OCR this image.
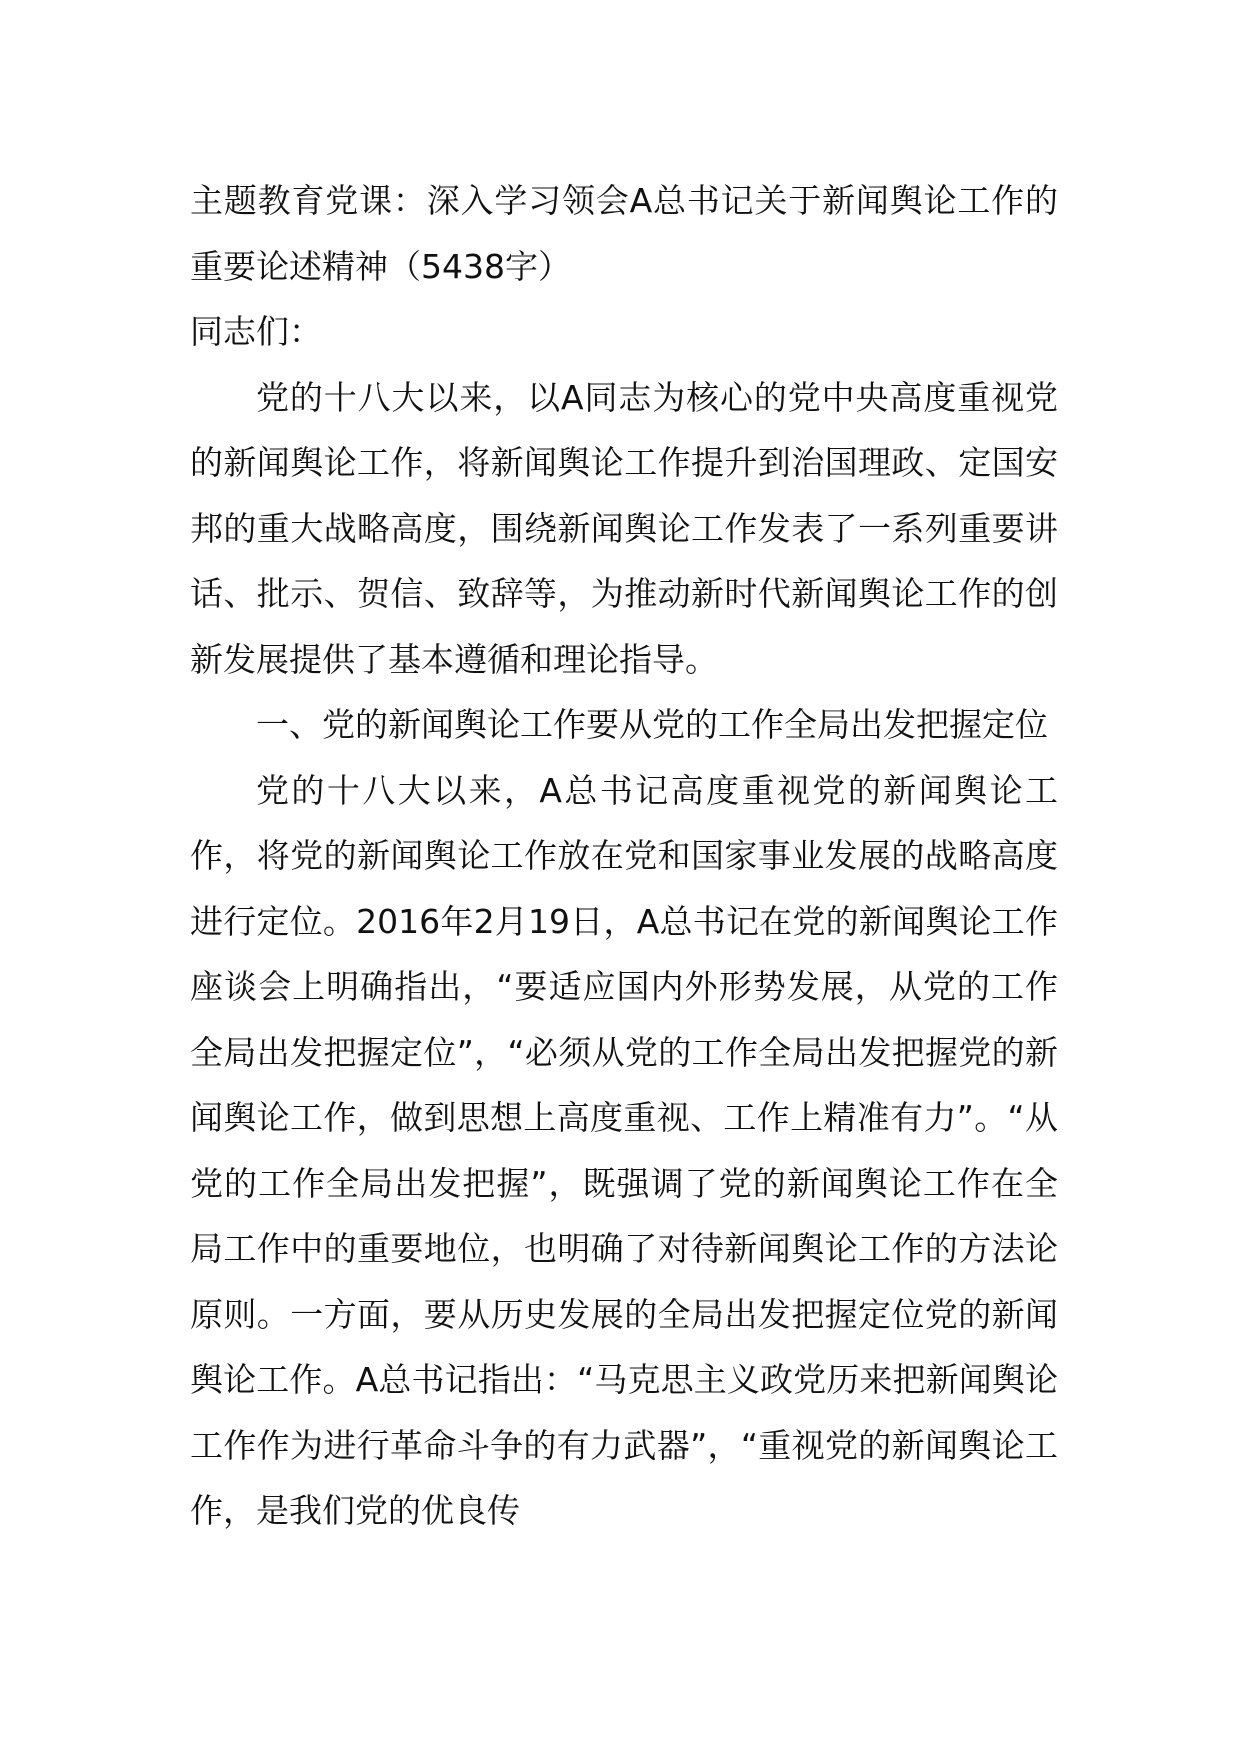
主题教育党课：深入学习领会A总书记关于新闻舆论工作的重要论述精神（5438字）

同志们：

党的十八大以来，以A同志为核心的党中央高度重视党的新闻舆论工作，将新闻舆论工作提升到治国理政、定国安邦的重大战略高度，围绕新闻舆论工作发表了一系列重要讲话、批示、贺信、致辞等，为推动新时代新闻舆论工作的创新发展提供了基本遵循和理论指导。

一、党的新闻舆论工作要从党的工作全局出发把握定位

党的十八大以来，A总书记高度重视党的新闻舆论工作，将党的新闻舆论工作放在党和国家事业发展的战略高度进行定位。2016年2月19日，A总书记在党的新闻舆论工作座谈会上明确指出，“要适应国内外形势发展，从党的工作全局出发把握定位”，“必须从党的工作全局出发把握党的新闻舆论工作，做到思想上高度重视、工作上精准有力”。“从党的工作全局出发把握”，既强调了党的新闻舆论工作在全局工作中的重要地位，也明确了对待新闻舆论工作的方法论原则。一方面，要从历史发展的全局出发把握定位党的新闻舆论工作。A总书记指出：“马克思主义政党历来把新闻舆论工作作为进行革命斗争的有力武器”，“重视党的新闻舆论工作，是我们党的优良传
